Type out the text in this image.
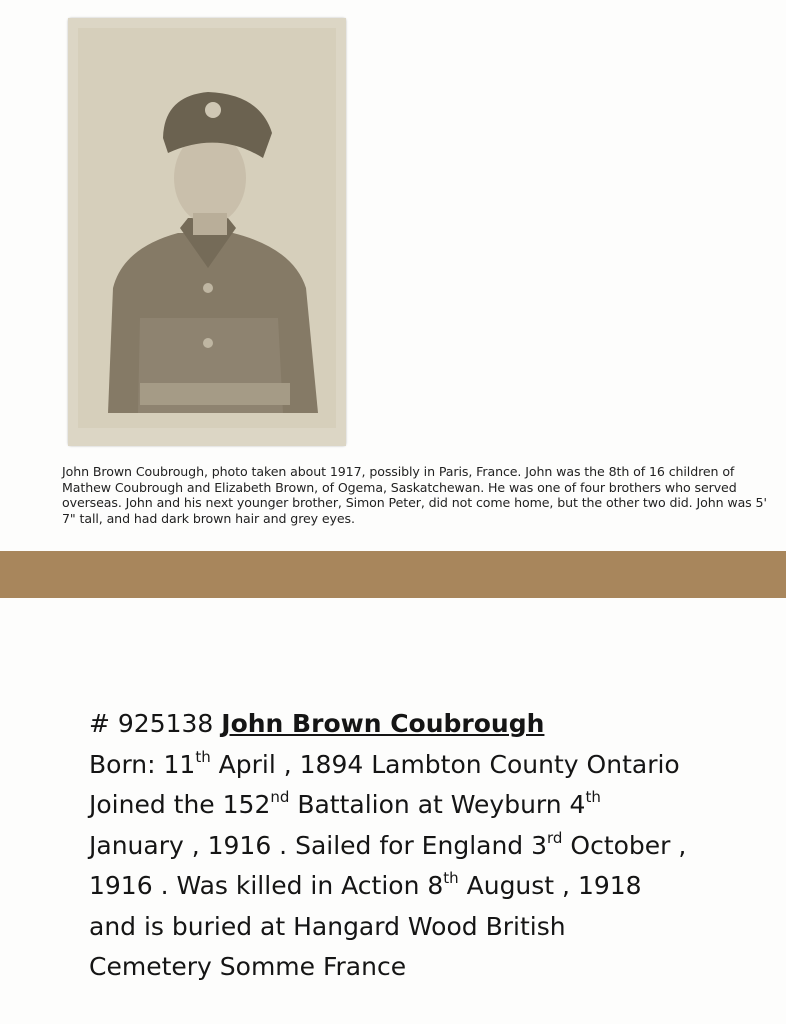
John Brown Coubrough, photo taken about 1917, possibly in Paris, France. John was the 8th of 16 children of Mathew Coubrough and Elizabeth Brown, of Ogema, Saskatchewan. He was one of four brothers who served overseas. John and his next younger brother, Simon Peter, did not come home, but the other two did. John was 5' 7" tall, and had dark brown hair and grey eyes.
# 925138 John Brown Coubrough
Born: 11th April , 1894 Lambton County Ontario
Joined the 152nd Battalion at Weyburn 4th
January , 1916 . Sailed for England 3rd October ,
1916 . Was killed in Action 8th August , 1918
and is buried at Hangard Wood British
Cemetery Somme France
